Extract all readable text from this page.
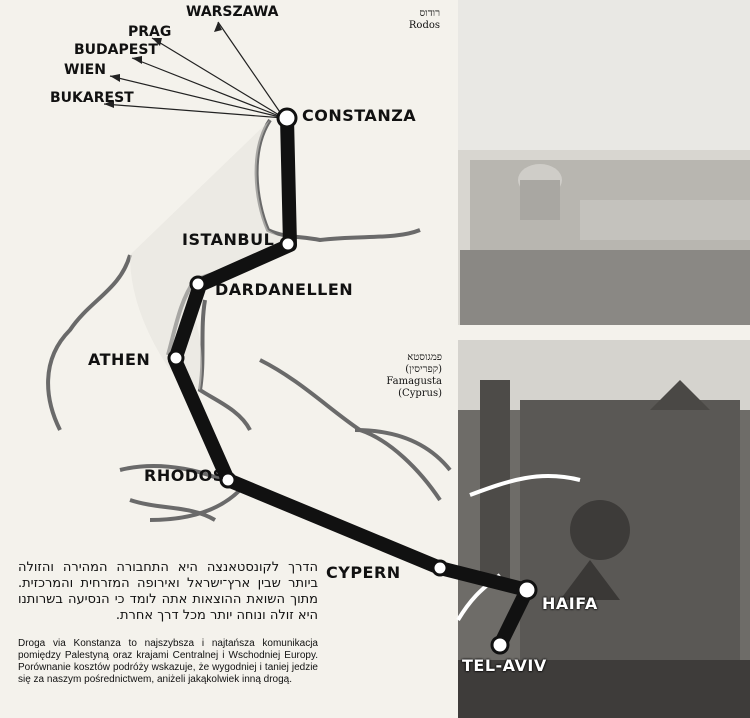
WARSZAWA
PRAG
BUDAPEST
WIEN
BUKAREST
CONSTANZA
ISTANBUL
DARDANELLEN
ATHEN
RHODOS
CYPERN
HAIFA
TEL-AVIV
רודוס
Rodos
פמגוסטא
(קפריסין)
Famagusta
(Cyprus)
הדרך לקונסטאנצה היא התחבורה המהירה והזולה ביותר שבין ארץ־ישראל ואירופה המזרחית והמרכזית. מתוך השואת ההוצאות אתה לומד כי הנסיעה בשרותנו היא זולה ונוחה יותר מכל דרך אחרת.
Droga via Konstanza to najszybsza i najtańsza komunikacja pomiędzy Palestyną oraz krajami Centralnej i Wschodniej Europy. Porównanie kosztów podróży wskazuje, że wygodniej i taniej jedzie się za naszym pośrednictwem, aniżeli jakąkolwiek inną drogą.
